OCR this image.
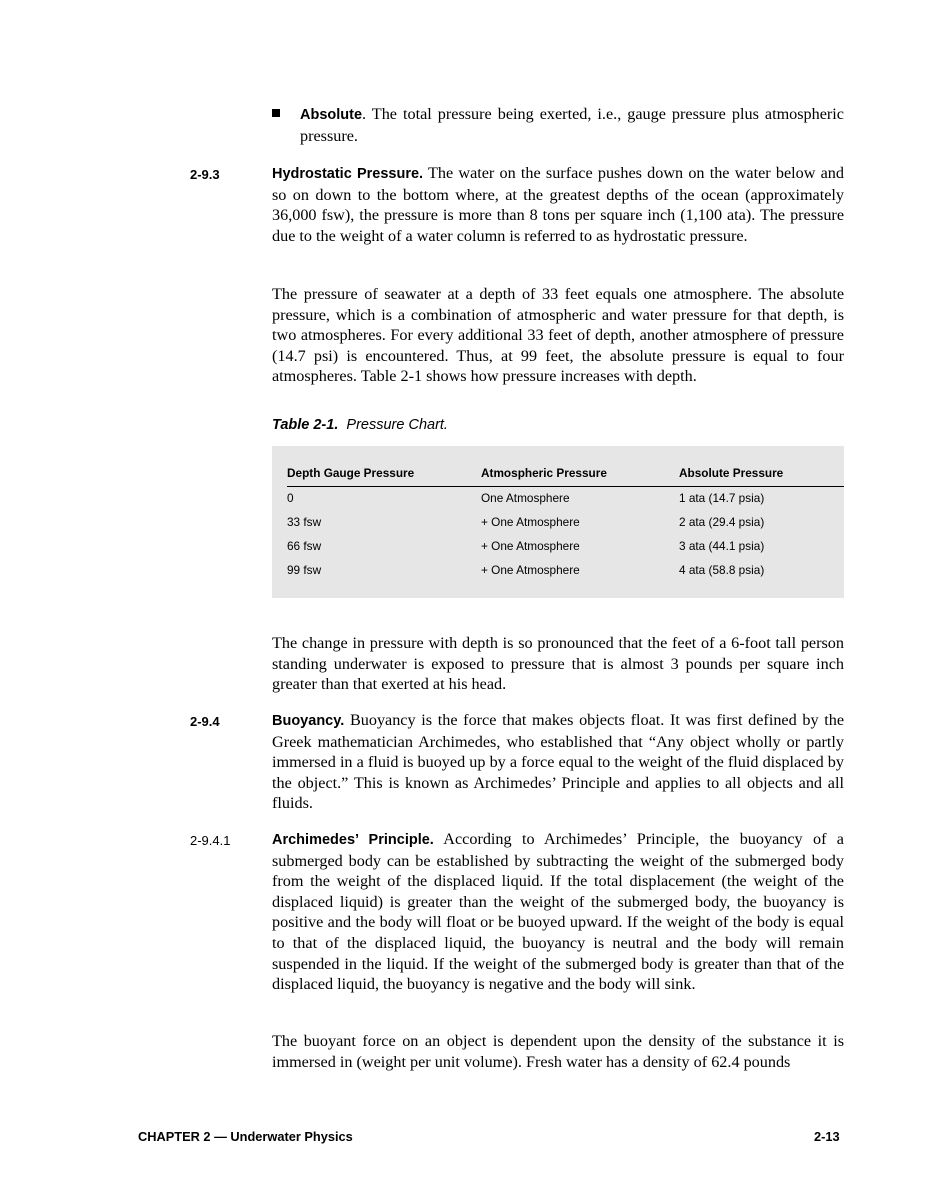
Absolute. The total pressure being exerted, i.e., gauge pressure plus atmospheric pressure.
2-9.3	Hydrostatic Pressure. The water on the surface pushes down on the water below and so on down to the bottom where, at the greatest depths of the ocean (approximately 36,000 fsw), the pressure is more than 8 tons per square inch (1,100 ata). The pressure due to the weight of a water column is referred to as hydrostatic pressure.

The pressure of seawater at a depth of 33 feet equals one atmosphere. The absolute pressure, which is a combination of atmospheric and water pressure for that depth, is two atmospheres. For every additional 33 feet of depth, another atmosphere of pressure (14.7 psi) is encountered. Thus, at 99 feet, the absolute pressure is equal to four atmospheres. Table 2-1 shows how pressure increases with depth.

Table 2-1. Pressure Chart.
Depth Gauge Pressure	Atmospheric Pressure	Absolute Pressure
0	One Atmosphere	1 ata (14.7 psia)
33 fsw	+ One Atmosphere	2 ata (29.4 psia)
66 fsw	+ One Atmosphere	3 ata (44.1 psia)
99 fsw	+ One Atmosphere	4 ata (58.8 psia)

The change in pressure with depth is so pronounced that the feet of a 6-foot tall person standing underwater is exposed to pressure that is almost 3 pounds per square inch greater than that exerted at his head.

2-9.4	Buoyancy. Buoyancy is the force that makes objects float. It was first defined by the Greek mathematician Archimedes, who established that “Any object wholly or partly immersed in a fluid is buoyed up by a force equal to the weight of the fluid displaced by the object.” This is known as Archimedes’ Principle and applies to all objects and all fluids.

2-9.4.1	Archimedes’ Principle. According to Archimedes’ Principle, the buoyancy of a submerged body can be established by subtracting the weight of the submerged body from the weight of the displaced liquid. If the total displacement (the weight of the displaced liquid) is greater than the weight of the submerged body, the buoyancy is positive and the body will float or be buoyed upward. If the weight of the body is equal to that of the displaced liquid, the buoyancy is neutral and the body will remain suspended in the liquid. If the weight of the submerged body is greater than that of the displaced liquid, the buoyancy is negative and the body will sink.

The buoyant force on an object is dependent upon the density of the substance it is immersed in (weight per unit volume). Fresh water has a density of 62.4 pounds

CHAPTER 2 — Underwater Physics	2-13
